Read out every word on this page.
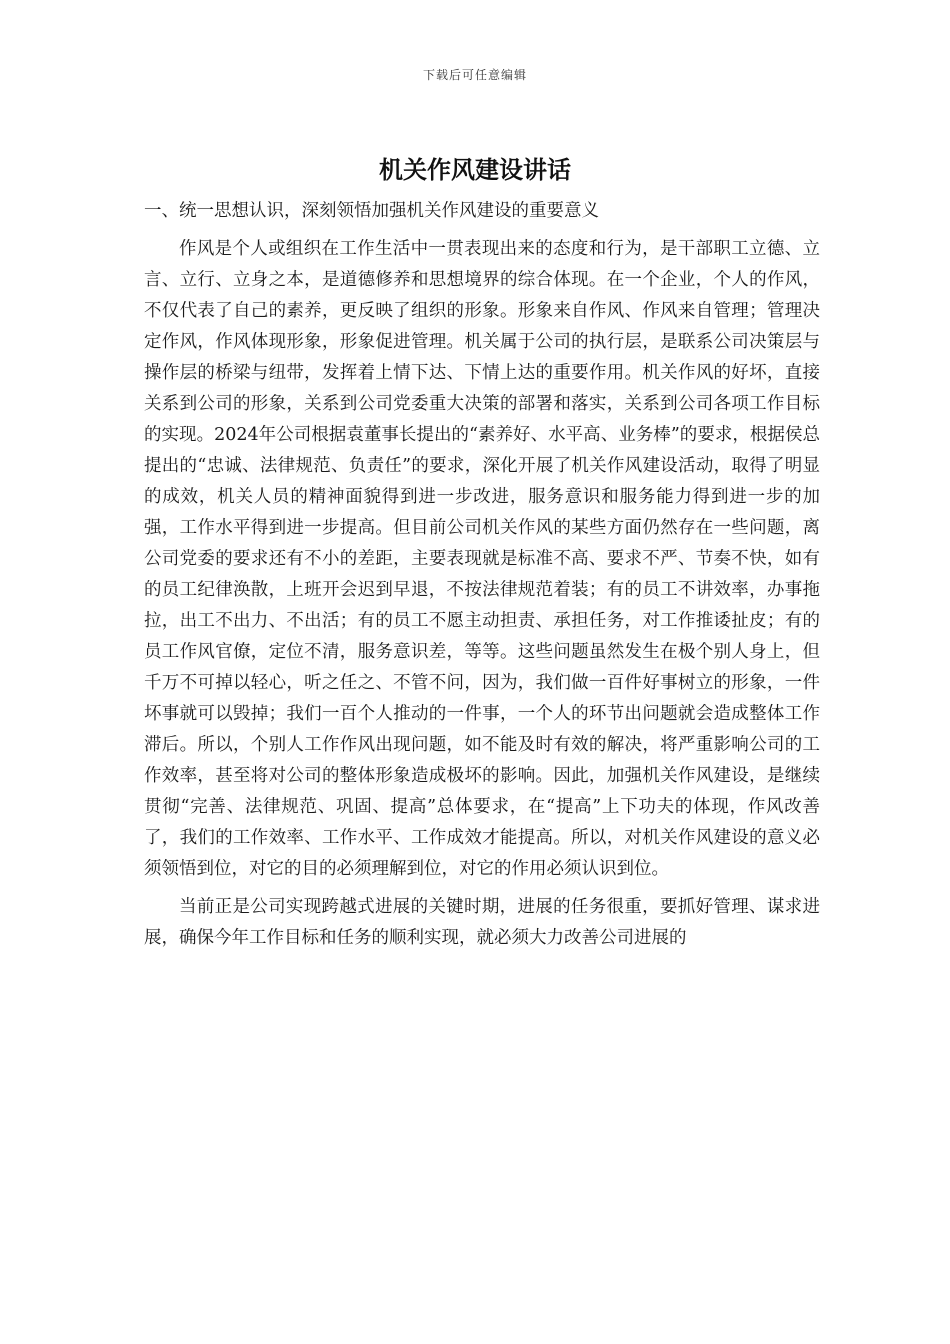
下载后可任意编辑
机关作风建设讲话
一、统一思想认识，深刻领悟加强机关作风建设的重要意义

作风是个人或组织在工作生活中一贯表现出来的态度和行为，是干部职工立德、立言、立行、立身之本，是道德修养和思想境界的综合体现。在一个企业，个人的作风，不仅代表了自己的素养，更反映了组织的形象。形象来自作风、作风来自管理；管理决定作风，作风体现形象，形象促进管理。机关属于公司的执行层，是联系公司决策层与操作层的桥梁与纽带，发挥着上情下达、下情上达的重要作用。机关作风的好坏，直接关系到公司的形象，关系到公司党委重大决策的部署和落实，关系到公司各项工作目标的实现。2024年公司根据袁董事长提出的“素养好、水平高、业务棒”的要求，根据侯总提出的“忠诚、法律规范、负责任”的要求，深化开展了机关作风建设活动，取得了明显的成效，机关人员的精神面貌得到进一步改进，服务意识和服务能力得到进一步的加强，工作水平得到进一步提高。但目前公司机关作风的某些方面仍然存在一些问题，离公司党委的要求还有不小的差距，主要表现就是标准不高、要求不严、节奏不快，如有的员工纪律涣散，上班开会迟到早退，不按法律规范着装；有的员工不讲效率，办事拖拉，出工不出力、不出活；有的员工不愿主动担责、承担任务，对工作推诿扯皮；有的员工作风官僚，定位不清，服务意识差，等等。这些问题虽然发生在极个别人身上，但千万不可掉以轻心，听之任之、不管不问，因为，我们做一百件好事树立的形象，一件坏事就可以毁掉；我们一百个人推动的一件事，一个人的环节出问题就会造成整体工作滞后。所以，个别人工作作风出现问题，如不能及时有效的解决，将严重影响公司的工作效率，甚至将对公司的整体形象造成极坏的影响。因此，加强机关作风建设，是继续贯彻“完善、法律规范、巩固、提高”总体要求，在“提高”上下功夫的体现，作风改善了，我们的工作效率、工作水平、工作成效才能提高。所以，对机关作风建设的意义必须领悟到位，对它的目的必须理解到位，对它的作用必须认识到位。

当前正是公司实现跨越式进展的关键时期，进展的任务很重，要抓好管理、谋求进展，确保今年工作目标和任务的顺利实现，就必须大力改善公司进展的
